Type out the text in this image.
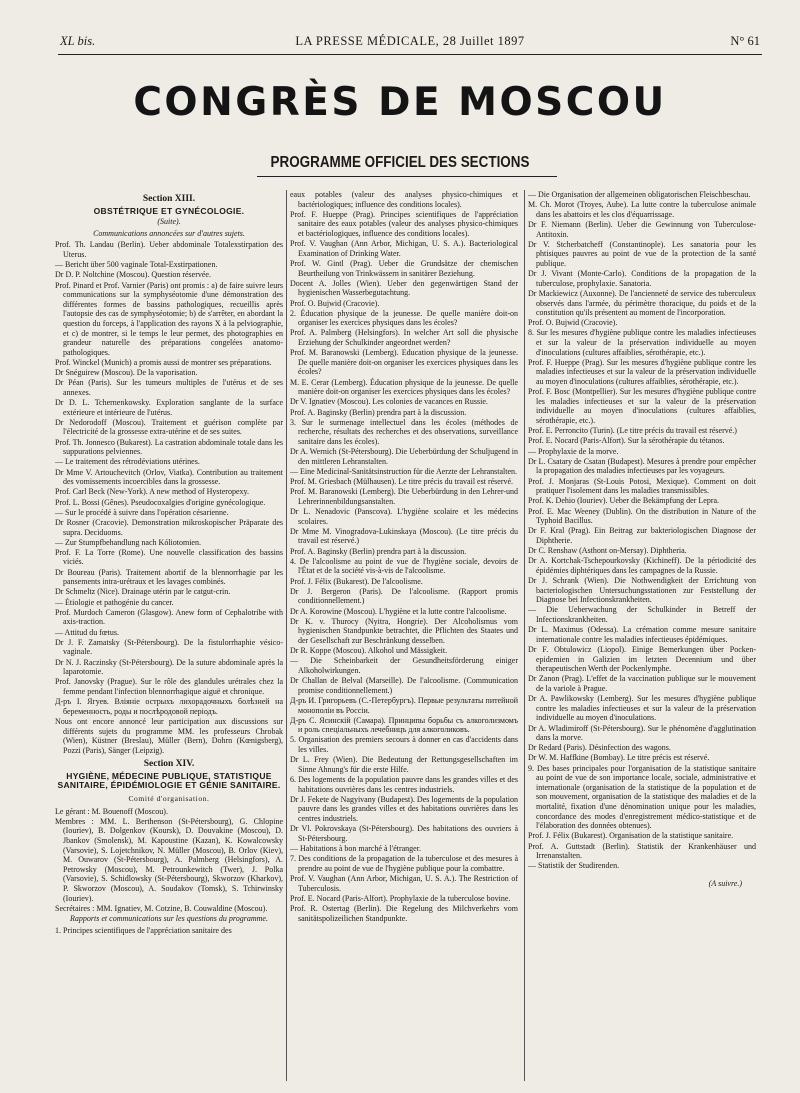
XL bis.	LA PRESSE MÉDICALE, 28 Juillet 1897	N° 61
CONGRÈS DE MOSCOU
PROGRAMME OFFICIEL DES SECTIONS
Section XIII.
OBSTÉTRIQUE ET GYNÉCOLOGIE.
(Suite).
Communications annoncées sur d'autres sujets.

Prof. Th. Landau (Berlin). Ueber abdominale Totalexstirpation des Uterus.

— Bericht über 500 vaginale Total-Exstirpationen.

Dr D. P. Noltchine (Moscou). Question réservée.

Prof. Pinard et Prof. Varnier (Paris) ont promis : a) de faire suivre leurs communications sur la symphyséotomie d'une démonstration des différentes formes de bassins pathologiques, recueillis après l'autopsie des cas de symphyséotomie; b) de s'arrêter, en abordant la question du forceps, à l'application des rayons X à la pelviographie, et c) de montrer, si le temps le leur permet, des photographies en grandeur naturelle des préparations congelées anatomo-pathologiques.

Prof. Winckel (Munich) a promis aussi de montrer ses préparations.

Dr Snéguirew (Moscou). De la vaporisation.

Dr Péan (Paris). Sur les tumeurs multiples de l'utérus et de ses annexes.

Dr D. L. Tchernenkowsky. Exploration sanglante de la surface extérieure et intérieure de l'utérus.

Dr Nedorodoff (Moscou). Traitement et guérison complète par l'électricité de la grossesse extra-utérine et de ses suites.

Prof. Th. Jonnesco (Bukarest). La castration abdominale totale dans les suppurations pelviennes.

— Le traitement des rétrodéviations utérines.

Dr Mme V. Artouchevitch (Orlov, Viatka). Contribution au traitement des vomissements incoercibles dans la grossesse.

Prof. Carl Beck (New-York). A new method of Hysteropexy.

Prof. L. Bossi (Gênes). Pseudocoxalgies d'origine gynécologique.

— Sur le procédé à suivre dans l'opération césarienne.

Dr Rosner (Cracovie). Demonstration mikroskopischer Präparate des supra. Deciduoms.

— Zur Stumpfbehandlung nach Kóliotomien.

Prof. F. La Torre (Rome). Une nouvelle classification des bassins viciés.

Dr Boureau (Paris). Traitement abortif de la blennorrhagie par les pansements intra-urétraux et les lavages combinés.

Dr Schmeltz (Nice). Drainage utérin par le catgut-crin.

— Étiologie et pathogénie du cancer.

Prof. Murdoch Cameron (Glasgow). Anew form of Cephalotribe with axis-traction.

— Attitud du fœtus.

Dr J. F. Zamatsky (St-Pétersbourg). De la fistulorrhaphie vésico-vaginale.

Dr N. J. Raczinsky (St-Pétersbourg). De la suture abdominale après la laparotomie.

Prof. Janovsky (Prague). Sur le rôle des glandules urétrales chez la femme pendant l'infection blennorrhagique aiguë et chronique.

Д-ръ I. Ягуев. Влiянiе острыхъ лихорадочныхъ болѣзней на беременность, роды и послѣродовой перiодъ.

Nous ont encore annoncé leur participation aux discussions sur différents sujets du programme MM. les professeurs Chrobak (Wien), Küstner (Breslau), Müller (Bern), Dohrn (Kœnigsberg), Pozzi (Paris), Sänger (Leipzig).

Section XIV.
HYGIÈNE, MÉDECINE PUBLIQUE, STATISTIQUE SANITAIRE, ÉPIDÉMIOLOGIE ET GÉNIE SANITAIRE.
Comité d'organisation.

Le gérant : M. Bouenoff (Moscou).

Membres : MM. L. Berthenson (St-Pétersbourg), G. Chlopine (Iouriev), B. Dolgenkov (Koursk), D. Douvakine (Moscou), D. Jbankov (Smolensk), M. Kapoustine (Kazan), K. Kowalcowsky (Varsovie), S. Lojetchnikov, N. Müller (Moscou), B. Orlov (Kiev), M. Ouwarov (St-Pétersbourg), A. Palmberg (Helsingfors), A. Petrowsky (Moscou), M. Petrounkewitch (Twer), J. Polka (Varsovie), S. Schidlowsky (St-Pétersbourg), Skworzov (Kharkov), P. Skworzov (Moscou), A. Soudakov (Tomsk), S. Tchirwinsky (Iouriev).

Secrétaires : MM. Ignatiev, M. Cotzine, B. Couwaldine (Moscou).

Rapports et communications sur les questions du programme.

1. Principes scientifiques de l'appréciation sanitaire des

eaux potables (valeur des analyses physico-chimiques et bactériologiques; influence des conditions locales).

Prof. F. Hueppe (Prag). Principes scientifiques de l'appréciation sanitaire des eaux potables (valeur des analyses physico-chimiques et bactériologiques, influence des conditions locales).

Prof. V. Vaughan (Ann Arbor, Michigan, U. S. A.). Bacteriological Examination of Drinking Water.

Prof. W. Gintl (Prag). Ueber die Grundsätze der chemischen Beurtheilung von Trinkwässern in sanitärer Beziehung.

Docent A. Jolles (Wien). Ueber den gegenwärtigen Stand der hygienischen Wasserbegutachtung.

Prof. O. Bujwid (Cracovie).

2. Éducation physique de la jeunesse. De quelle manière doit-on organiser les exercices physiques dans les écoles?

Prof. A. Palmberg (Helsingfors). In welcher Art soll die physische Erziehung der Schulkinder angeordnet werden?

Prof. M. Baranowski (Lemberg). Education physique de la jeunesse. De quelle manière doit-on organiser les exercices physiques dans les écoles?

M. E. Cerar (Lemberg). Éducation physique de la jeunesse. De quelle manière doit-on organiser les exercices physiques dans les écoles?

Dr V. Ignatiev (Moscou). Les colonies de vacances en Russie.

Prof. A. Baginsky (Berlin) prendra part à la discussion.

3. Sur le surmenage intellectuel dans les écoles (méthodes de recherche, résultats des recherches et des observations, surveillance sanitaire dans les écoles).

Dr A. Wernich (St-Pétersbourg). Die Ueberbürdung der Schuljugend in den mittleren Lehranstalten.

— Eine Medicinal-Sanitätsinstruction für die Aerzte der Lehranstalten.

Prof. M. Griesbach (Mülhausen). Le titre précis du travail est réservé.

Prof. M. Baranowski (Lemberg). Die Ueberbürdung in den Lehrer-und Lehrerinnenbildungsanstalten.

Dr L. Nenadovic (Panscova). L'hygiène scolaire et les médecins scolaires.

Dr Mme M. Vinogradova-Lukinskaya (Moscou). (Le titre précis du travail est réservé.)

Prof. A. Baginsky (Berlin) prendra part à la discussion.

4. De l'alcoolisme au point de vue de l'hygiène sociale, devoirs de l'État et de la société vis-à-vis de l'alcoolisme.

Prof. J. Félix (Bukarest). De l'alcoolisme.

Dr J. Bergeron (Paris). De l'alcoolisme. (Rapport promis conditionnellement.)

Dr A. Korowine (Moscou). L'hygiène et la lutte contre l'alcoolisme.

Dr K. v. Thurocy (Nyitra, Hongrie). Der Alcoholismus vom hygienischen Standpunkte betrachtet, die Pflichten des Staates und der Gesellschaft zur Beschränkung desselben.

Dr R. Koppe (Moscou). Alkohol und Mässigkeit.

— Die Scheinbarkeit der Gesundheitsförderung einiger Alkoholwirkungen.

Dr Challan de Belval (Marseille). De l'alcoolisme. (Communication promise conditionnellement.)

Д-ръ И. Григорьевъ (С.-Петербургъ). Первые результаты питейной монополiи въ Россiи.

Д-ръ С. Ясинскiй (Самара). Принципы борьбы съ алкоголизмомъ и роль спецiальныхъ лечебницъ для алкоголиковъ.

5. Organisation des premiers secours à donner en cas d'accidents dans les villes.

Dr L. Frey (Wien). Die Bedeutung der Rettungsgesellschaften im Sinne Ahnung's für die erste Hilfe.

6. Des logements de la population pauvre dans les grandes villes et des habitations ouvrières dans les centres industriels.

Dr J. Fekete de Nagyivany (Budapest). Des logements de la population pauvre dans les grandes villes et des habitations ouvrières dans les centres industriels.

Dr Vl. Pokrovskaya (St-Pétersbourg). Des habitations des ouvriers à St-Pétersbourg.

— Habitations à bon marché à l'étranger.

7. Des conditions de la propagation de la tuberculose et des mesures à prendre au point de vue de l'hygiène publique pour la combattre.

Prof. V. Vaughan (Ann Arbor, Michigan, U. S. A.). The Restriction of Tuberculosis.

Prof. E. Nocard (Paris-Alfort). Prophylaxie de la tuberculose bovine.

Prof. R. Ostertag (Berlin). Die Regelung des Milchverkehrs vom sanitätspolizeilichen Standpunkte.

— Die Organisation der allgemeinen obligatorischen Fleischbeschau.

M. Ch. Morot (Troyes, Aube). La lutte contre la tuberculose animale dans les abattoirs et les clos d'équarrissage.

Dr F. Niemann (Berlin). Ueber die Gewinnung von Tuberculose-Antitoxin.

Dr V. Stcherbatcheff (Constantinople). Les sanatoria pour les phtisiques pauvres au point de vue de la protection de la santé publique.

Dr J. Vivant (Monte-Carlo). Conditions de la propagation de la tuberculose, prophylaxie. Sanatoria.

Dr Mackiewicz (Auxonne). De l'ancienneté de service des tuberculeux observés dans l'armée, du périmètre thoracique, du poids et de la constitution qu'ils présentent au moment de l'incorporation.

Prof. O. Bujwid (Cracovie).

8. Sur les mesures d'hygiène publique contre les maladies infectieuses et sur la valeur de la préservation individuelle au moyen d'inoculations (cultures affaiblies, sérothérapie, etc.).

Prof. F. Hueppe (Prag). Sur les mesures d'hygiène publique contre les maladies infectieuses et sur la valeur de la préservation individuelle au moyen d'inoculations (cultures affaiblies, sérothérapie, etc.).

Prof. F. Bosc (Montpellier). Sur les mesures d'hygiène publique contre les maladies infectieuses et sur la valeur de la préservation individuelle au moyen d'inoculations (cultures affaiblies, sérothérapie, etc.).

Prof. E. Perroncito (Turin). (Le titre précis du travail est réservé.)

Prof. E. Nocard (Paris-Alfort). Sur la sérothérapie du tétanos.

— Prophylaxie de la morve.

Dr L. Csatary de Csatan (Budapest). Mesures à prendre pour empêcher la propagation des maladies infectieuses par les voyageurs.

Prof. J. Monjaras (St-Louis Potosi, Mexique). Comment on doit pratiquer l'isolement dans les maladies transmissibles.

Prof. K. Dehio (Iouriev). Ueber die Bekämpfung der Lepra.

Prof. E. Mac Weeney (Dublin). On the distribution in Nature of the Typhoid Bacillus.

Dr F. Kral (Prag). Ein Beitrag zur bakteriologischen Diagnose der Diphtherie.

Dr C. Renshaw (Asthont on-Mersay). Diphtheria.

Dr A. Kortchak-Tschepourkovsky (Kichineff). De la périodicité des épidémies diphtériques dans les campagnes de la Russie.

Dr J. Schrank (Wien). Die Nothwendigkeit der Errichtung von bacteriologischen Untersuchungsstationen zur Feststellung der Diagnose bei Infectionskrankheiten.

— Die Ueberwachung der Schulkinder in Betreff der Infectionskrankheiten.

Dr L. Maximus (Odessa). La crémation comme mesure sanitaire internationale contre les maladies infectieuses épidémiques.

Dr F. Obtulowicz (Liopol). Einige Bemerkungen über Pocken-epidemien in Galizien im letzten Decennium und über therapeutischen Werth der Pockenlymphe.

Dr Zanon (Prag). L'effet de la vaccination publique sur le mouvement de la variole à Prague.

Dr A. Pawlikowsky (Lemberg). Sur les mesures d'hygiène publique contre les maladies infectieuses et sur la valeur de la préservation individuelle au moyen d'inoculations.

Dr A. Wladimiroff (St-Pétersbourg). Sur le phénomène d'agglutination dans la morve.

Dr Redard (Paris). Désinfection des wagons.

Dr W. M. Haffkine (Bombay). Le titre précis est réservé.

9. Des bases principales pour l'organisation de la statistique sanitaire au point de vue de son importance locale, sociale, administrative et internationale (organisation de la statistique de la population et de son mouvement, organisation de la statistique des maladies et de la mortalité, fixation d'une dénomination unique pour les maladies, concordance des modes d'enregistrement médico-statistique et de l'élaboration des données obtenues).

Prof. J. Félix (Bukarest). Organisation de la statistique sanitaire.

Prof. A. Guttstadt (Berlin). Statistik der Krankenhäuser und Irrenanstalten.

— Statistik der Studirenden.

(A suivre.)
